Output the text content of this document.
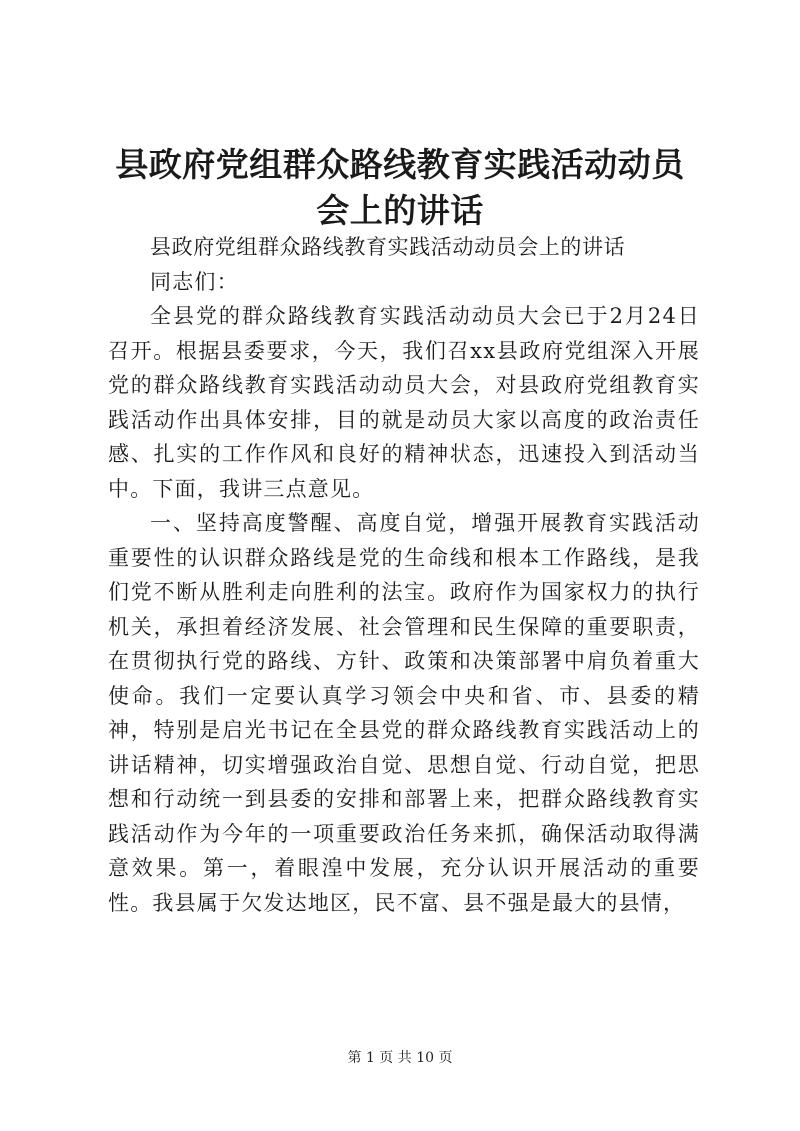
县政府党组群众路线教育实践活动动员会上的讲话

县政府党组群众路线教育实践活动动员会上的讲话

同志们：

全县党的群众路线教育实践活动动员大会已于2月24日召开。根据县委要求，今天，我们召xx县政府党组深入开展党的群众路线教育实践活动动员大会，对县政府党组教育实践活动作出具体安排，目的就是动员大家以高度的政治责任感、扎实的工作作风和良好的精神状态，迅速投入到活动当中。下面，我讲三点意见。

一、坚持高度警醒、高度自觉，增强开展教育实践活动重要性的认识群众路线是党的生命线和根本工作路线，是我们党不断从胜利走向胜利的法宝。政府作为国家权力的执行机关，承担着经济发展、社会管理和民生保障的重要职责，在贯彻执行党的路线、方针、政策和决策部署中肩负着重大使命。我们一定要认真学习领会中央和省、市、县委的精神，特别是启光书记在全县党的群众路线教育实践活动上的讲话精神，切实增强政治自觉、思想自觉、行动自觉，把思想和行动统一到县委的安排和部署上来，把群众路线教育实践活动作为今年的一项重要政治任务来抓，确保活动取得满意效果。第一，着眼湟中发展，充分认识开展活动的重要性。我县属于欠发达地区，民不富、县不强是最大的县情，

第 1 页 共 10 页
